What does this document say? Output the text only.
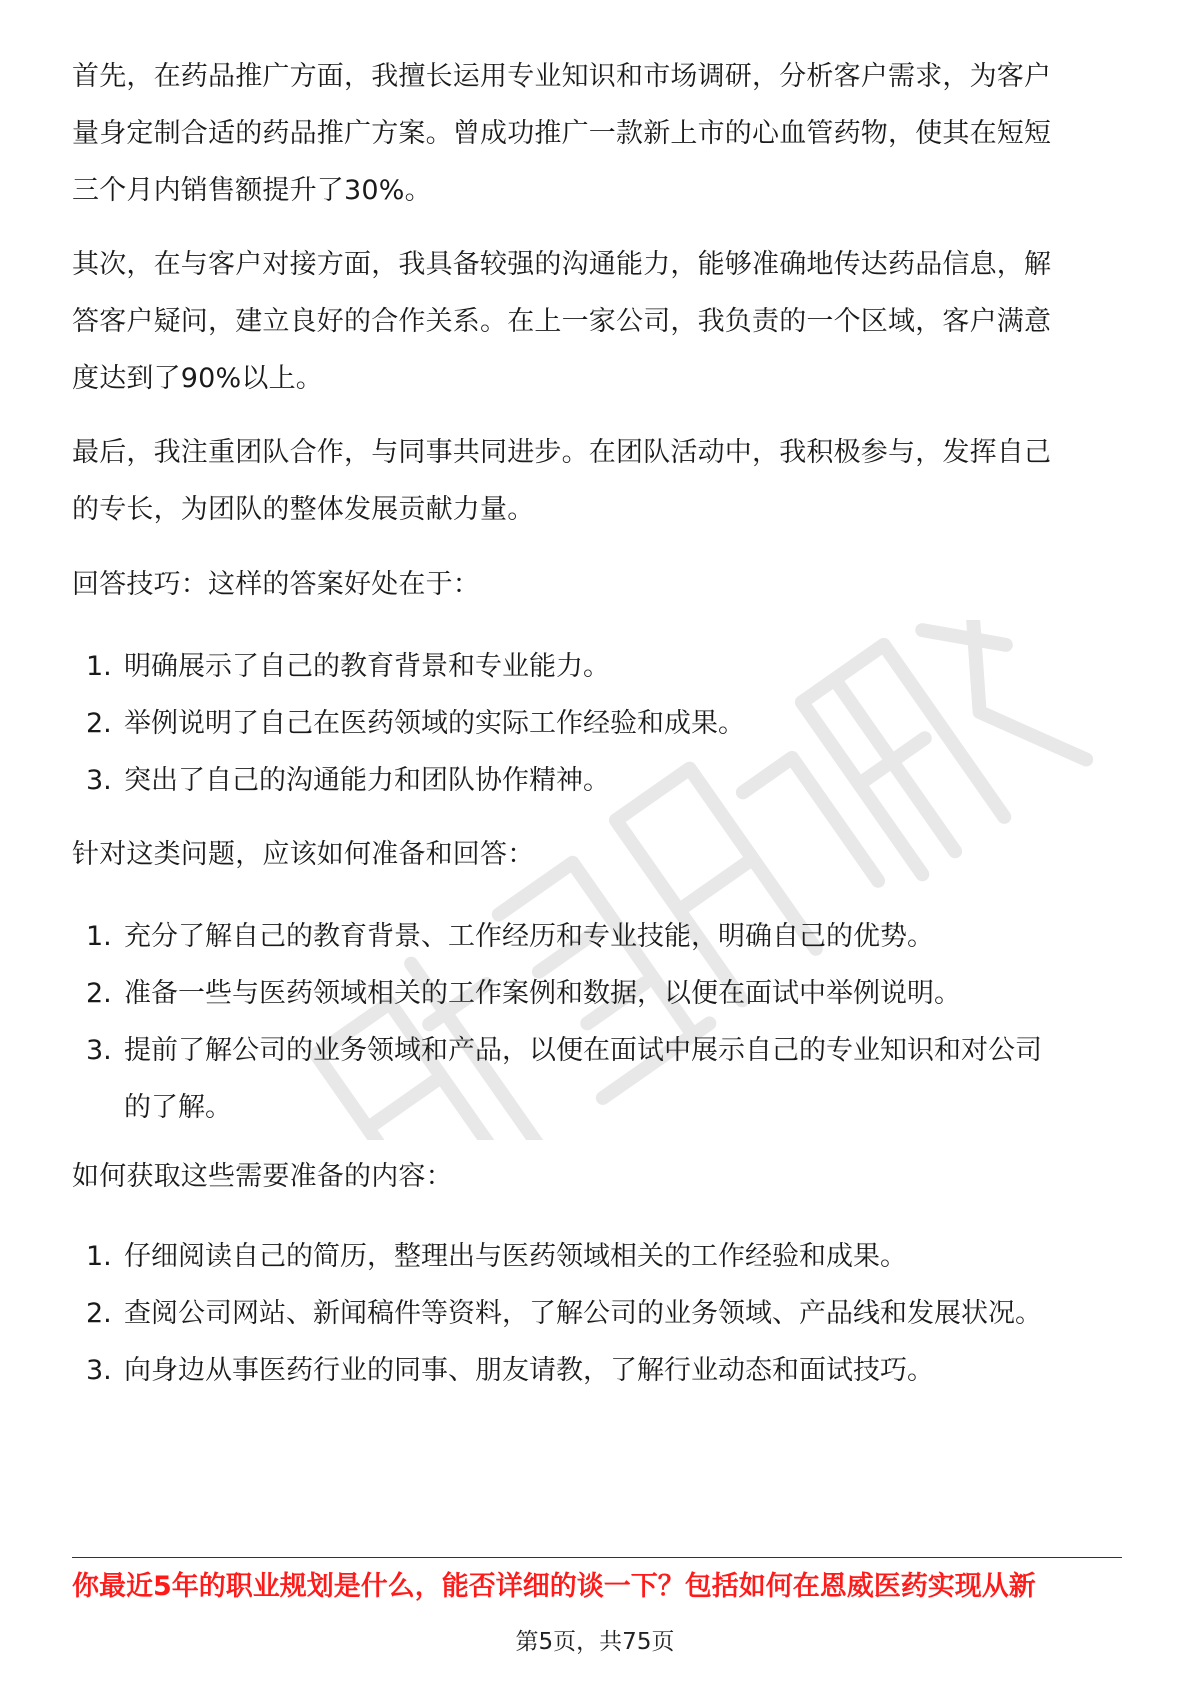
首先，在药品推广方面，我擅长运用专业知识和市场调研，分析客户需求，为客户
量身定制合适的药品推广方案。曾成功推广一款新上市的心血管药物，使其在短短
三个月内销售额提升了30%。

其次，在与客户对接方面，我具备较强的沟通能力，能够准确地传达药品信息，解
答客户疑问，建立良好的合作关系。在上一家公司，我负责的一个区域，客户满意
度达到了90%以上。

最后，我注重团队合作，与同事共同进步。在团队活动中，我积极参与，发挥自己
的专长，为团队的整体发展贡献力量。

回答技巧：这样的答案好处在于：

1. 明确展示了自己的教育背景和专业能力。
2. 举例说明了自己在医药领域的实际工作经验和成果。
3. 突出了自己的沟通能力和团队协作精神。

针对这类问题，应该如何准备和回答：

1. 充分了解自己的教育背景、工作经历和专业技能，明确自己的优势。
2. 准备一些与医药领域相关的工作案例和数据，以便在面试中举例说明。
3. 提前了解公司的业务领域和产品，以便在面试中展示自己的专业知识和对公司
的了解。

如何获取这些需要准备的内容：

1. 仔细阅读自己的简历，整理出与医药领域相关的工作经验和成果。
2. 查阅公司网站、新闻稿件等资料，了解公司的业务领域、产品线和发展状况。
3. 向身边从事医药行业的同事、朋友请教，了解行业动态和面试技巧。
你最近5年的职业规划是什么，能否详细的谈一下？包括如何在恩威医药实现从新
第5页，共75页
